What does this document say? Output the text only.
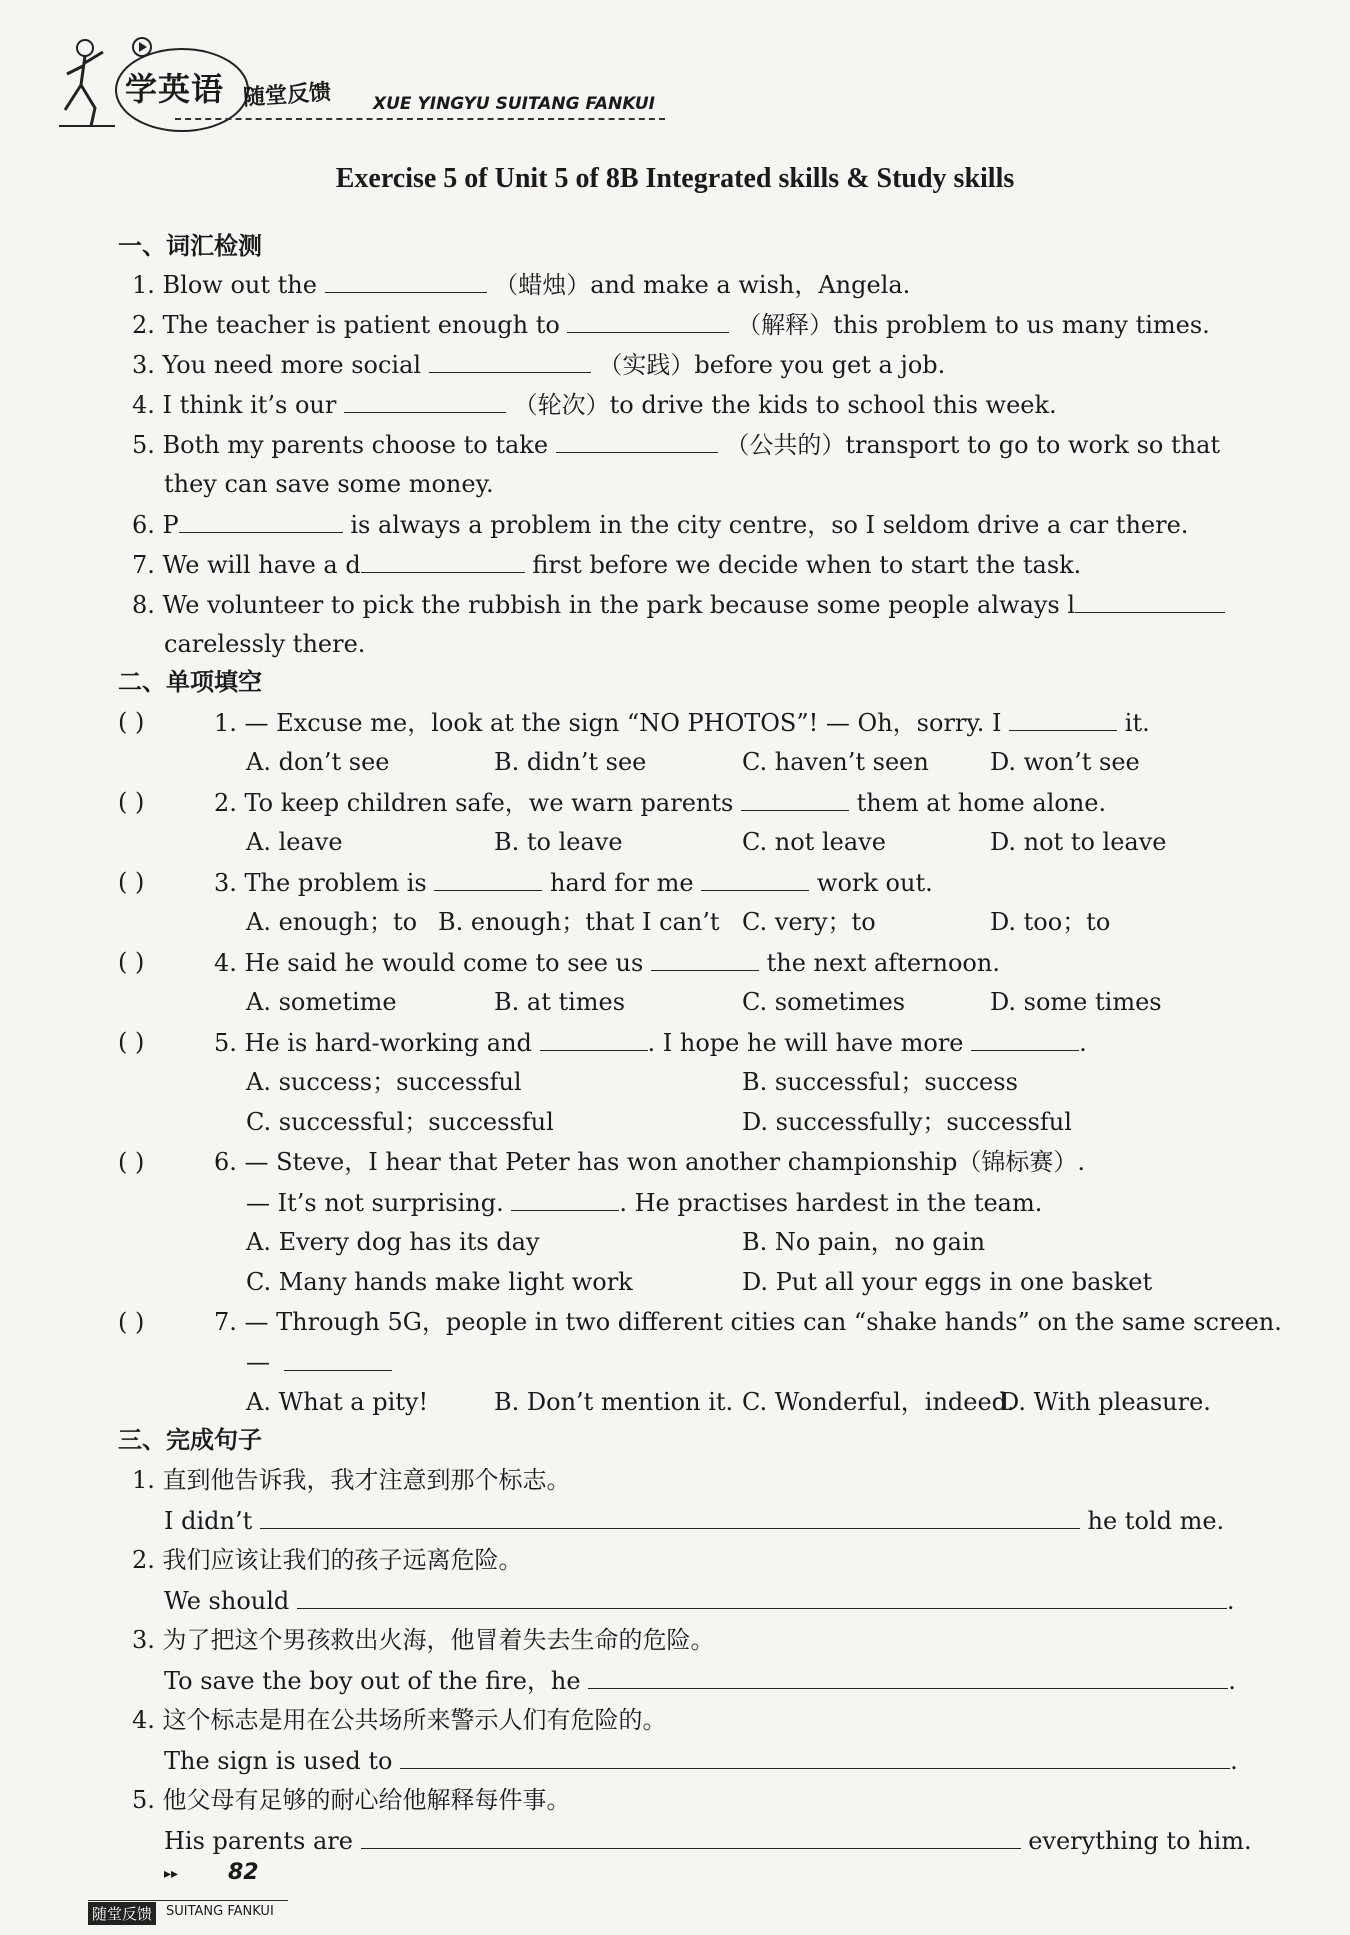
学英语 随堂反馈 XUE YINGYU SUITANG FANKUI
Exercise 5 of Unit 5 of 8B Integrated skills & Study skills
一、词汇检测
1. Blow out the	（蜡烛）and make a wish，Angela.
2. The teacher is patient enough to	（解释）this problem to us many times.
3. You need more social	（实践）before you get a job.
4. I think it’s our	（轮次）to drive the kids to school this week.
5. Both my parents choose to take	（公共的）transport to go to work so that
they can save some money.
6. P	is always a problem in the city centre，so I seldom drive a car there.
7. We will have a d	first before we decide when to start the task.
8. We volunteer to pick the rubbish in the park because some people always l
carelessly there.
二、单项填空
( )	1. — Excuse me，look at the sign “NO PHOTOS”! — Oh，sorry. I	it.
A. don’t see	B. didn’t see	C. haven’t seen	D. won’t see
( )	2. To keep children safe，we warn parents	them at home alone.
A. leave	B. to leave	C. not leave	D. not to leave
( )	3. The problem is	hard for me	work out.
A. enough；to B. enough；that I can’t C. very；to	D. too；to
( )	4. He said he would come to see us	the next afternoon.
A. sometime	B. at times	C. sometimes	D. some times
( )	5. He is hard-working and	. I hope he will have more	.
A. success；successful	B. successful；success
C. successful；successful	D. successfully；successful
( )	6. — Steve，I hear that Peter has won another championship（锦标赛）.
— It’s not surprising.	. He practises hardest in the team.
A. Every dog has its day	B. No pain，no gain
C. Many hands make light work	D. Put all your eggs in one basket
( )	7. — Through 5G，people in two different cities can “shake hands” on the same screen.
—
A. What a pity!	B. Don’t mention it. C. Wonderful，indeed.
D. With pleasure.
三、完成句子
1. 直到他告诉我，我才注意到那个标志。
I didn’t	he told me.
2. 我们应该让我们的孩子远离危险。
We should	.
3. 为了把这个男孩救出火海，他冒着失去生命的危险。
To save the boy out of the fire，he	.
4. 这个标志是用在公共场所来警示人们有危险的。
The sign is used to	.
5. 他父母有足够的耐心给他解释每件事。
His parents are	everything to him.
▸▸ 82
随堂反馈	SUITANG FANKUI
